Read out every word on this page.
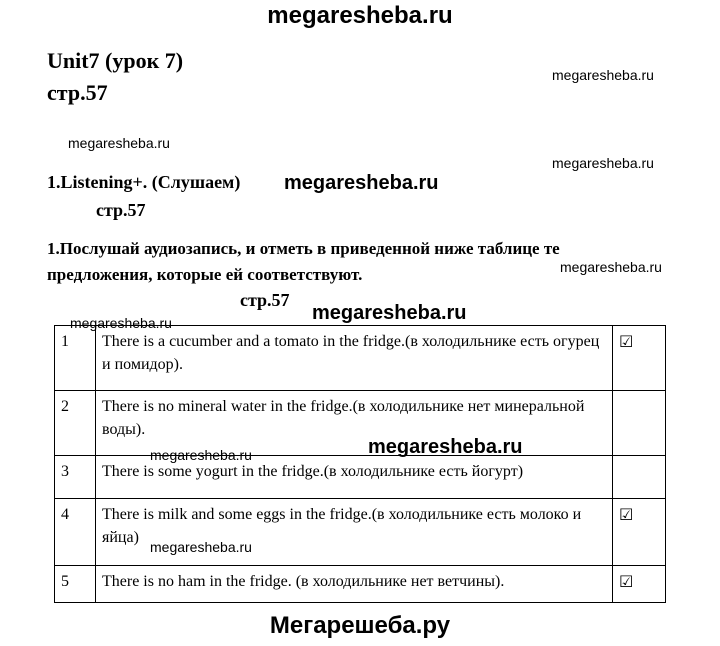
megaresheba.ru
Unit7 (урок 7)
стр.57
megaresheba.ru
megaresheba.ru
megaresheba.ru
1.Listening+. (Слушаем) megaresheba.ru
стр.57
1.Послушай аудиозапись, и отметь в приведенной ниже таблице те предложения, которые ей соответствуют.	megaresheba.ru
стр.57
megaresheba.ru
megaresheba.ru
1	There is a cucumber and a tomato in the fridge.(в холодильнике есть огурец и помидор).	☑
2	There is no mineral water in the fridge.(в холодильнике нет минеральной воды).	
3	There is some yogurt in the fridge.(в холодильнике есть йогурт)	
4	There is milk and some eggs in the fridge.(в холодильнике есть молоко и яйца)	☑
5	There is no ham in the fridge. (в холодильнике нет ветчины).	☑
megaresheba.ru
megaresheba.ru
megaresheba.ru
Мегарешеба.ру
